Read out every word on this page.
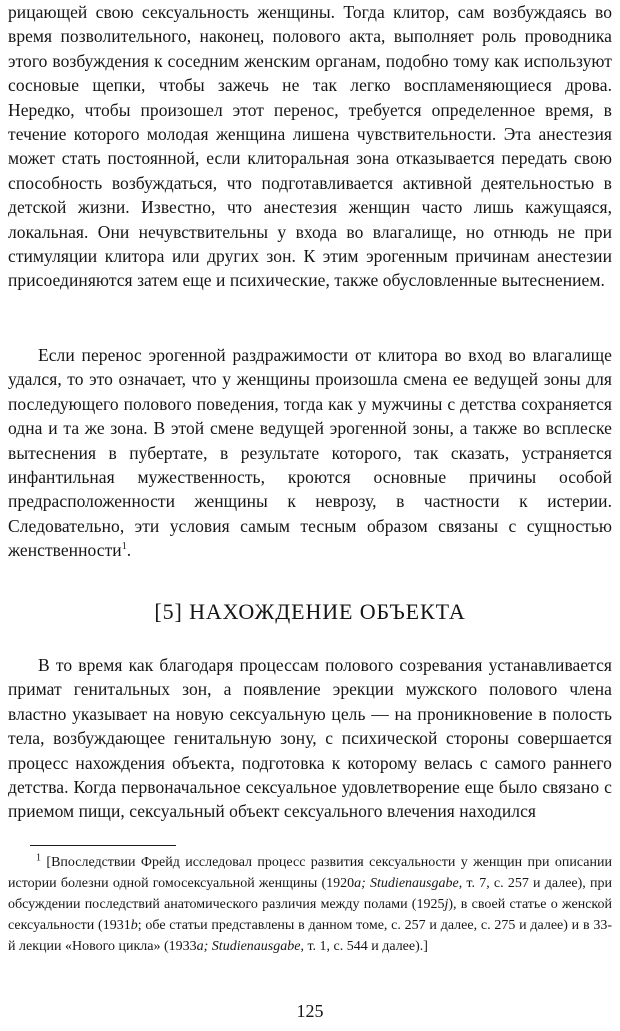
рицающей свою сексуальность женщины. Тогда клитор, сам возбуждаясь во время позволительного, наконец, полового акта, выполняет роль проводника этого возбуждения к соседним женским органам, подобно тому как используют сосновые щепки, чтобы зажечь не так легко воспламеняющиеся дрова. Нередко, чтобы произошел этот перенос, требуется определенное время, в течение которого молодая женщина лишена чувствительности. Эта анестезия может стать постоянной, если клиторальная зона отказывается передать свою способность возбуждаться, что подготавливается активной деятельностью в детской жизни. Известно, что анестезия женщин часто лишь кажущаяся, локальная. Они нечувствительны у входа во влагалище, но отнюдь не при стимуляции клитора или других зон. К этим эрогенным причинам анестезии присоединяются затем еще и психические, также обусловленные вытеснением.

Если перенос эрогенной раздражимости от клитора во вход во влагалище удался, то это означает, что у женщины произошла смена ее ведущей зоны для последующего полового поведения, тогда как у мужчины с детства сохраняется одна и та же зона. В этой смене ведущей эрогенной зоны, а также во всплеске вытеснения в пубертате, в результате которого, так сказать, устраняется инфантильная мужественность, кроются основные причины особой предрасположенности женщины к неврозу, в частности к истерии. Следовательно, эти условия самым тесным образом связаны с сущностью женственности$^1$.

[5] НАХОЖДЕНИЕ ОБЪЕКТА

В то время как благодаря процессам полового созревания устанавливается примат генитальных зон, а появление эрекции мужского полового члена властно указывает на новую сексуальную цель — на проникновение в полость тела, возбуждающее генитальную зону, с психической стороны совершается процесс нахождения объекта, подготовка к которому велась с самого раннего детства. Когда первоначальное сексуальное удовлетворение еще было связано с приемом пищи, сексуальный объект сексуального влечения находился

$^1$ [Впоследствии Фрейд исследовал процесс развития сексуальности у женщин при описании истории болезни одной гомосексуальной женщины (1920a; Studienausgabe, т. 7, с. 257 и далее), при обсуждении последствий анатомического различия между полами (1925j), в своей статье о женской сексуальности (1931b; обе статьи представлены в данном томе, с. 257 и далее, с. 275 и далее) и в 33-й лекции «Нового цикла» (1933a; Studienausgabe, т. 1, с. 544 и далее).]

125
